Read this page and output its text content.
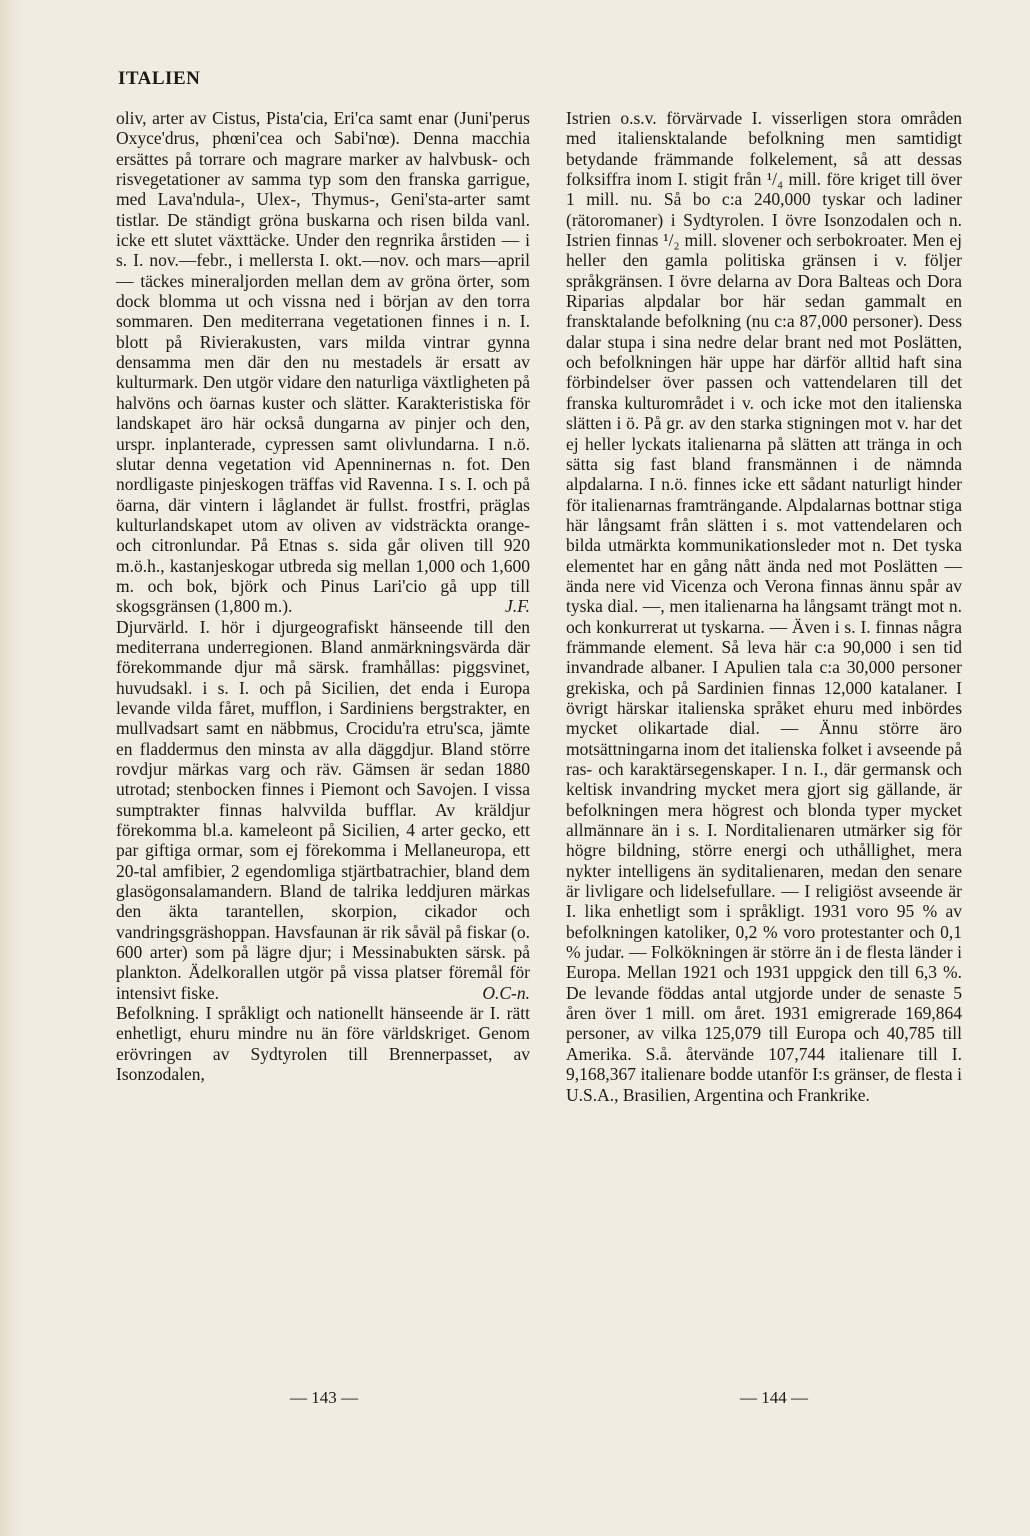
ITALIEN

oliv, arter av Cistus, Pista'cia, Eri'ca samt enar (Juni'perus Oxyce'drus, phœni'cea och Sabi'nœ). Denna macchia ersättes på torrare och magrare marker av halvbusk- och risvegetationer av samma typ som den franska garrigue, med Lava'ndula-, Ulex-, Thymus-, Geni'sta-arter samt tistlar. De ständigt gröna buskarna och risen bilda vanl. icke ett slutet växttäcke. Under den regnrika årstiden — i s. I. nov.—febr., i mellersta I. okt.—nov. och mars—april — täckes mineraljorden mellan dem av gröna örter, som dock blomma ut och vissna ned i början av den torra sommaren. Den mediterrana vegetationen finnes i n. I. blott på Rivierakusten, vars milda vintrar gynna densamma men där den nu mestadels är ersatt av kulturmark. Den utgör vidare den naturliga växtligheten på halvöns och öarnas kuster och slätter. Karakteristiska för landskapet äro här också dungarna av pinjer och den, urspr. inplanterade, cypressen samt olivlundarna. I n.ö. slutar denna vegetation vid Apenninernas n. fot. Den nordligaste pinjeskogen träffas vid Ravenna. I s. I. och på öarna, där vintern i låglandet är fullst. frostfri, präglas kulturlandskapet utom av oliven av vidsträckta orange- och citronlundar. På Etnas s. sida går oliven till 920 m.ö.h., kastanjeskogar utbreda sig mellan 1,000 och 1,600 m. och bok, björk och Pinus Lari'cio gå upp till skogsgränsen (1,800 m.).	J.F.

Djurvärld. I. hör i djurgeografiskt hänseende till den mediterrana underregionen. Bland anmärkningsvärda där förekommande djur må särsk. framhållas: piggsvinet, huvudsakl. i s. I. och på Sicilien, det enda i Europa levande vilda fåret, mufflon, i Sardiniens bergstrakter, en mullvadsart samt en näbbmus, Crocidu'ra etru'sca, jämte en fladdermus den minsta av alla däggdjur. Bland större rovdjur märkas varg och räv. Gämsen är sedan 1880 utrotad; stenbocken finnes i Piemont och Savojen. I vissa sumptrakter finnas halvvilda bufflar. Av kräldjur förekomma bl.a. kameleont på Sicilien, 4 arter gecko, ett par giftiga ormar, som ej förekomma i Mellaneuropa, ett 20-tal amfibier, 2 egendomliga stjärtbatrachier, bland dem glasögonsalamandern. Bland de talrika leddjuren märkas den äkta tarantellen, skorpion, cikador och vandringsgräshoppan. Havsfaunan är rik såväl på fiskar (o. 600 arter) som på lägre djur; i Messinabukten särsk. på plankton. Ädelkorallen utgör på vissa platser föremål för intensivt fiske.	O.C-n.

Befolkning. I språkligt och nationellt hänseende är I. rätt enhetligt, ehuru mindre nu än före världskriget. Genom erövringen av Sydtyrolen till Brennerpasset, av Isonzodalen,

Istrien o.s.v. förvärvade I. visserligen stora områden med italiensktalande befolkning men samtidigt betydande främmande folkelement, så att dessas folksiffra inom I. stigit från ¹/₄ mill. före kriget till över 1 mill. nu. Så bo c:a 240,000 tyskar och ladiner (rätoromaner) i Sydtyrolen. I övre Isonzodalen och n. Istrien finnas ¹/₂ mill. slovener och serbokroater. Men ej heller den gamla politiska gränsen i v. följer språkgränsen. I övre delarna av Dora Balteas och Dora Riparias alpdalar bor här sedan gammalt en fransktalande befolkning (nu c:a 87,000 personer). Dess dalar stupa i sina nedre delar brant ned mot Poslätten, och befolkningen här uppe har därför alltid haft sina förbindelser över passen och vattendelaren till det franska kulturområdet i v. och icke mot den italienska slätten i ö. På gr. av den starka stigningen mot v. har det ej heller lyckats italienarna på slätten att tränga in och sätta sig fast bland fransmännen i de nämnda alpdalarna. I n.ö. finnes icke ett sådant naturligt hinder för italienarnas framträngande. Alpdalarnas bottnar stiga här långsamt från slätten i s. mot vattendelaren och bilda utmärkta kommunikationsleder mot n. Det tyska elementet har en gång nått ända ned mot Poslätten — ända nere vid Vicenza och Verona finnas ännu spår av tyska dial. —, men italienarna ha långsamt trängt mot n. och konkurrerat ut tyskarna. — Även i s. I. finnas några främmande element. Så leva här c:a 90,000 i sen tid invandrade albaner. I Apulien tala c:a 30,000 personer grekiska, och på Sardinien finnas 12,000 katalaner. I övrigt härskar italienska språket ehuru med inbördes mycket olikartade dial. — Ännu större äro motsättningarna inom det italienska folket i avseende på ras- och karaktärsegenskaper. I n. I., där germansk och keltisk invandring mycket mera gjort sig gällande, är befolkningen mera högrest och blonda typer mycket allmännare än i s. I. Norditalienaren utmärker sig för högre bildning, större energi och uthållighet, mera nykter intelligens än syditalienaren, medan den senare är livligare och lidelsefullare. — I religiöst avseende är I. lika enhetligt som i språkligt. 1931 voro 95 % av befolkningen katoliker, 0,2 % voro protestanter och 0,1 % judar. — Folkökningen är större än i de flesta länder i Europa. Mellan 1921 och 1931 uppgick den till 6,3 %. De levande föddas antal utgjorde under de senaste 5 åren över 1 mill. om året. 1931 emigrerade 169,864 personer, av vilka 125,079 till Europa och 40,785 till Amerika. S.å. återvände 107,744 italienare till I. 9,168,367 italienare bodde utanför I:s gränser, de flesta i U.S.A., Brasilien, Argentina och Frankrike.

— 143 —	— 144 —
